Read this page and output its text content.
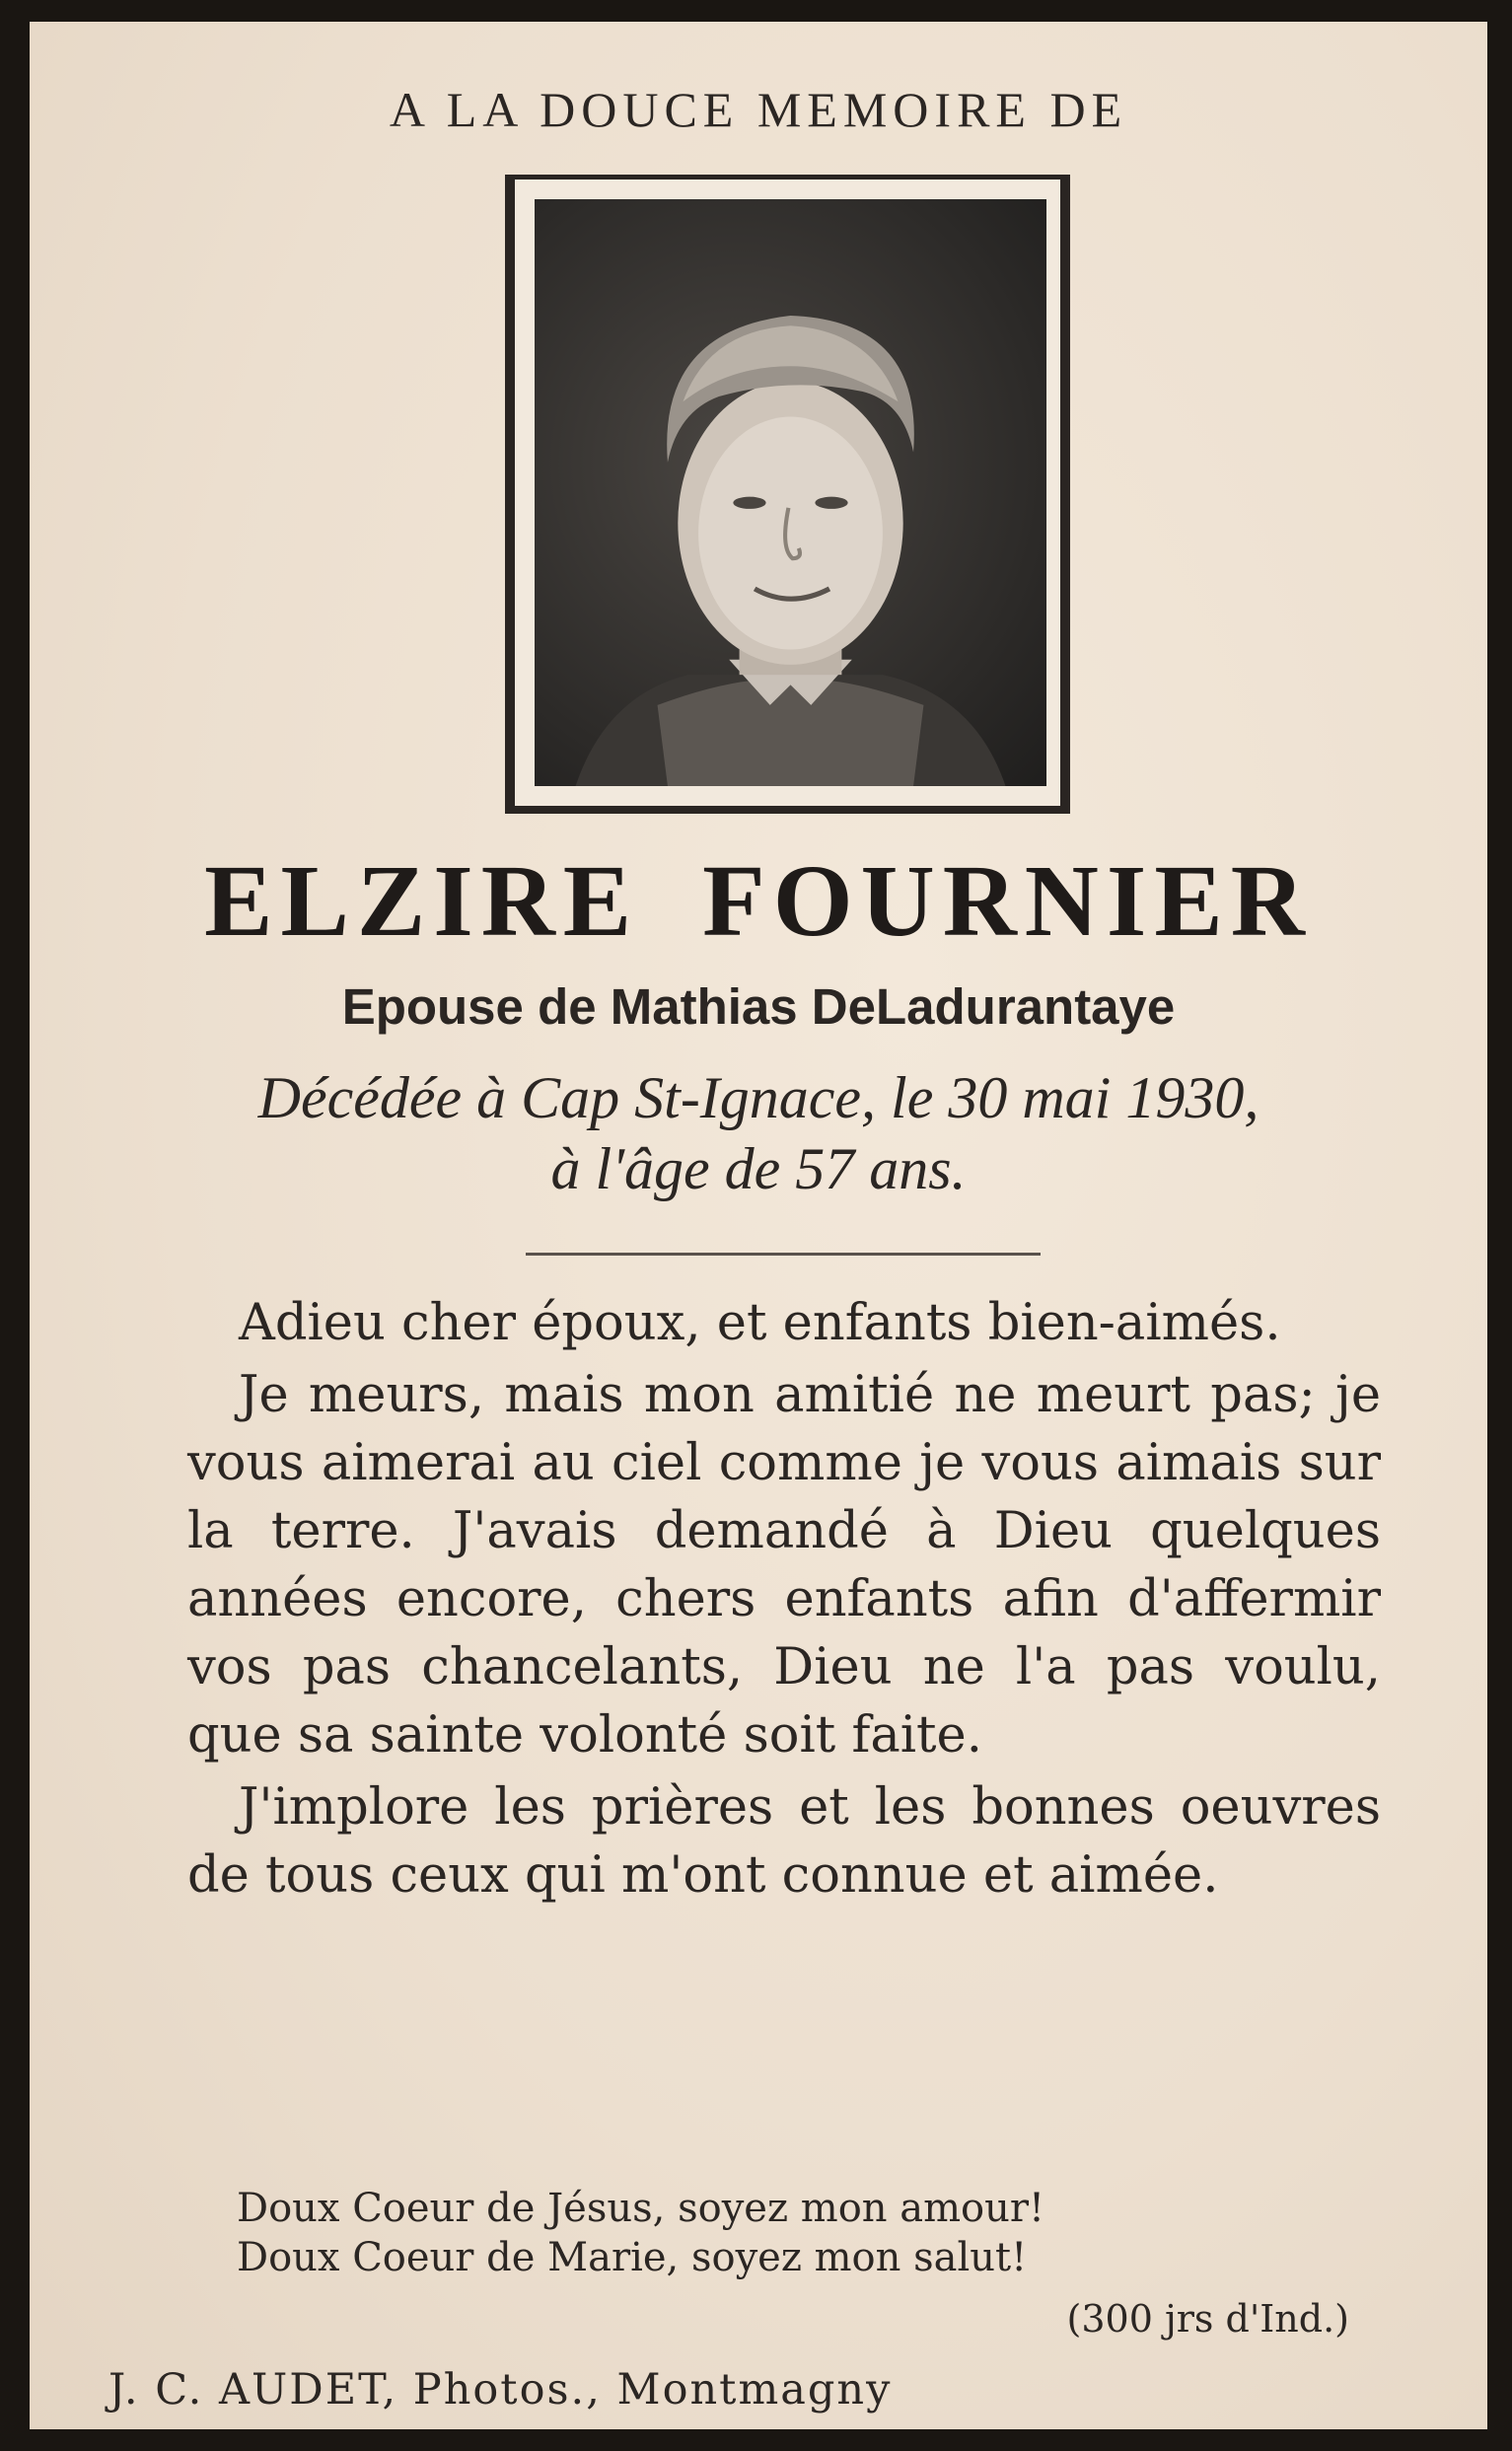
A LA DOUCE MEMOIRE DE
ELZIRE FOURNIER
Epouse de Mathias DeLadurantaye
Décédée à Cap St-Ignace, le 30 mai 1930,
à l'âge de 57 ans.

Adieu cher époux, et enfants bien-aimés.

Je meurs, mais mon amitié ne meurt pas; je vous aimerai au ciel comme je vous aimais sur la terre. J'avais demandé à Dieu quelques années encore, chers enfants afin d'affermir vos pas chancelants, Dieu ne l'a pas voulu, que sa sainte volonté soit faite.

J'implore les prières et les bonnes oeuvres de tous ceux qui m'ont connue et aimée.

Doux Coeur de Jésus, soyez mon amour!
Doux Coeur de Marie, soyez mon salut!
(300 jrs d'Ind.)
J. C. AUDET, Photos., Montmagny
